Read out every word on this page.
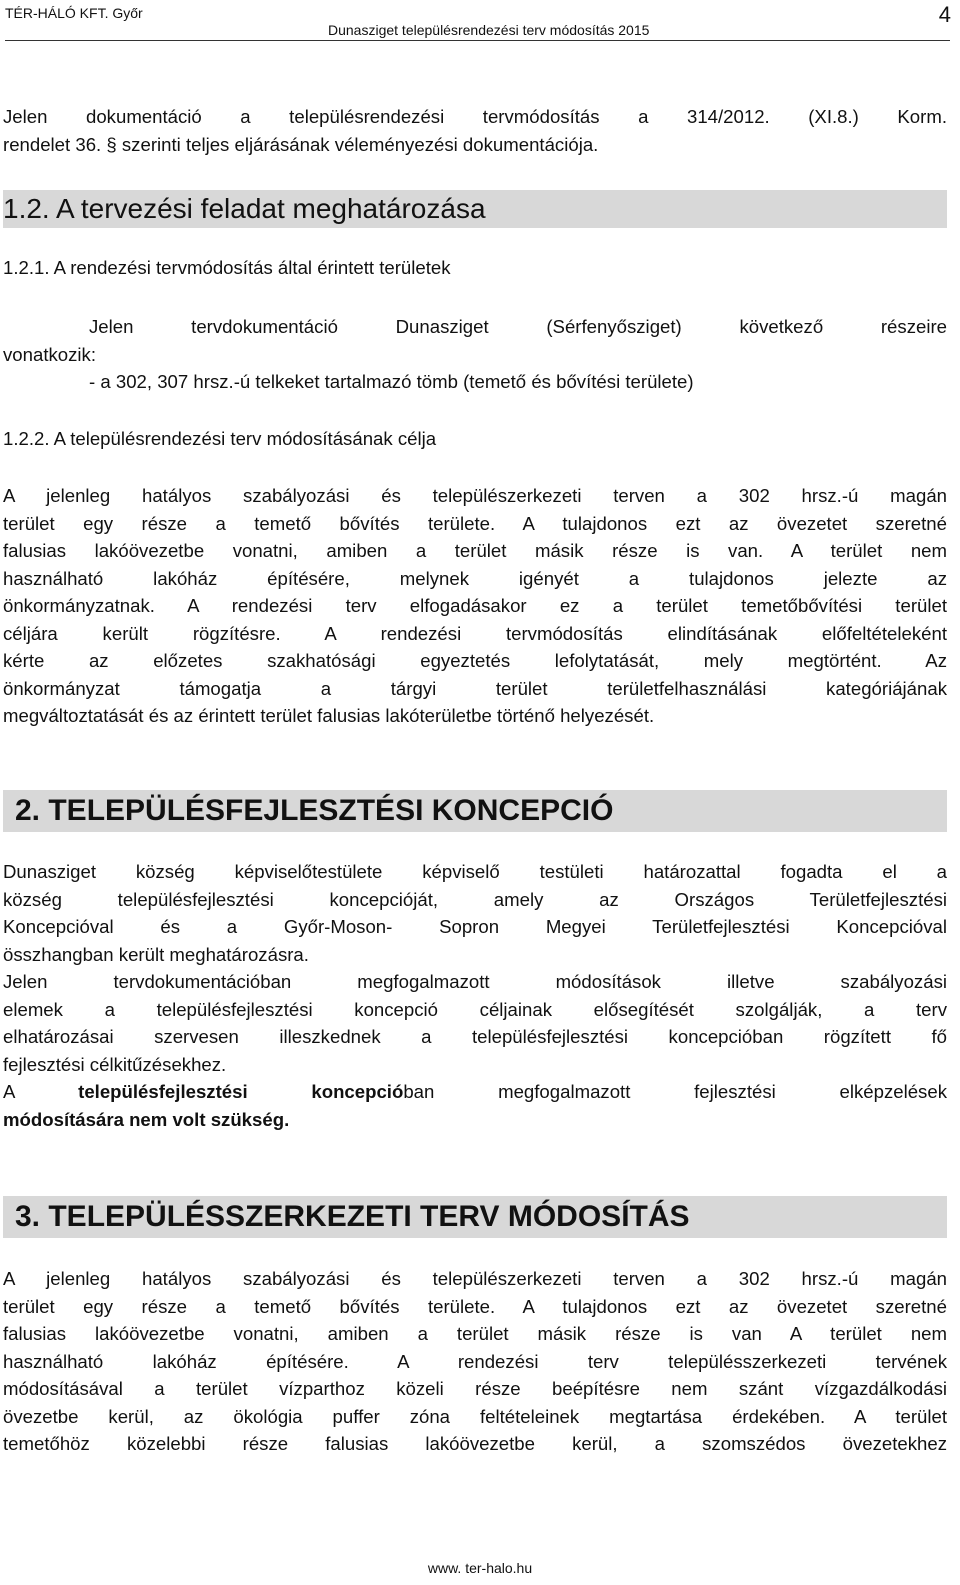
TÉR-HÁLÓ KFT. Győr	4
Dunasziget településrendezési terv módosítás 2015
Jelen dokumentáció a településrendezési tervmódosítás a 314/2012. (XI.8.) Korm.
rendelet 36. § szerinti teljes eljárásának véleményezési dokumentációja.
1.2. A tervezési feladat meghatározása
1.2.1. A rendezési tervmódosítás által érintett területek
Jelen tervdokumentáció Dunasziget (Sérfenyősziget) következő részeire
vonatkozik:
- a 302, 307 hrsz.-ú telkeket tartalmazó tömb (temető és bővítési területe)
1.2.2. A településrendezési terv módosításának célja
A jelenleg hatályos szabályozási és települészerkezeti terven a 302 hrsz.-ú magán
terület egy része a temető bővítés területe. A tulajdonos ezt az övezetet szeretné
falusias lakóövezetbe vonatni, amiben a terület másik része is van. A terület nem
használható lakóház építésére, melynek igényét a tulajdonos jelezte az
önkormányzatnak. A rendezési terv elfogadásakor ez a terület temetőbővítési terület
céljára került rögzítésre. A rendezési tervmódosítás elindításának előfeltételeként
kérte az előzetes szakhatósági egyeztetés lefolytatását, mely megtörtént. Az
önkormányzat támogatja a tárgyi terület területfelhasználási kategóriájának
megváltoztatását és az érintett terület falusias lakóterületbe történő helyezését.
2. TELEPÜLÉSFEJLESZTÉSI KONCEPCIÓ
Dunasziget község képviselőtestülete képviselő testületi határozattal fogadta el a
község településfejlesztési koncepcióját, amely az Országos Területfejlesztési
Koncepcióval és a Győr-Moson- Sopron Megyei Területfejlesztési Koncepcióval
összhangban került meghatározásra.
Jelen tervdokumentációban megfogalmazott módosítások illetve szabályozási
elemek a településfejlesztési koncepció céljainak elősegítését szolgálják, a terv
elhatározásai szervesen illeszkednek a településfejlesztési koncepcióban rögzített fő
fejlesztési célkitűzésekhez.
A	településfejlesztési koncepcióban megfogalmazott fejlesztési elképzelések
módosítására nem volt szükség.
3. TELEPÜLÉSSZERKEZETI TERV MÓDOSÍTÁS
A jelenleg hatályos szabályozási és települészerkezeti terven a 302 hrsz.-ú magán
terület egy része a temető bővítés területe. A tulajdonos ezt az övezetet szeretné
falusias lakóövezetbe vonatni, amiben a terület másik része is van A terület nem
használható lakóház építésére. A rendezési terv településszerkezeti tervének
módosításával a terület vízparthoz közeli része beépítésre nem szánt vízgazdálkodási
övezetbe kerül, az ökológia puffer zóna feltételeinek megtartása érdekében. A terület
temetőhöz közelebbi része falusias lakóövezetbe kerül, a szomszédos övezetekhez
www. ter-halo.hu
